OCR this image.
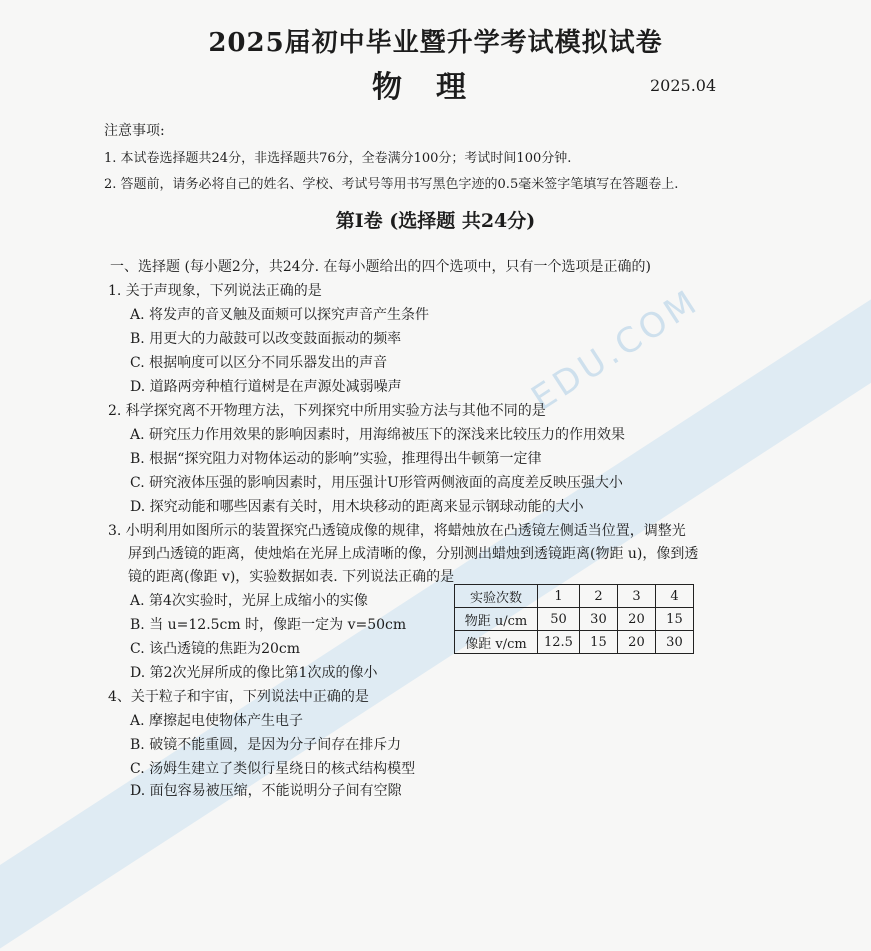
EDU.COM
2025届初中毕业暨升学考试模拟试卷
物理	2025.04
注意事项:
1. 本试卷选择题共24分，非选择题共76分，全卷满分100分；考试时间100分钟.
2. 答题前，请务必将自己的姓名、学校、考试号等用书写黑色字迹的0.5毫米签字笔填写在答题卷上.
第I卷 (选择题 共24分)
一、选择题 (每小题2分，共24分. 在每小题给出的四个选项中，只有一个选项是正确的)
1. 关于声现象，下列说法正确的是
A. 将发声的音叉触及面颊可以探究声音产生条件
B. 用更大的力敲鼓可以改变鼓面振动的频率
C. 根据响度可以区分不同乐器发出的声音
D. 道路两旁种植行道树是在声源处减弱噪声
2. 科学探究离不开物理方法，下列探究中所用实验方法与其他不同的是
A. 研究压力作用效果的影响因素时，用海绵被压下的深浅来比较压力的作用效果
B. 根据“探究阻力对物体运动的影响”实验，推理得出牛顿第一定律
C. 研究液体压强的影响因素时，用压强计U形管两侧液面的高度差反映压强大小
D. 探究动能和哪些因素有关时，用木块移动的距离来显示钢球动能的大小
3. 小明利用如图所示的装置探究凸透镜成像的规律，将蜡烛放在凸透镜左侧适当位置，调整光
屏到凸透镜的距离，使烛焰在光屏上成清晰的像，分别测出蜡烛到透镜距离(物距 u)，像到透
镜的距离(像距 v)，实验数据如表. 下列说法正确的是
A. 第4次实验时，光屏上成缩小的实像
B. 当 u=12.5cm 时，像距一定为 v=50cm
C. 该凸透镜的焦距为20cm
D. 第2次光屏所成的像比第1次成的像小
实验次数	1	2	3	4
物距 u/cm	50	30	20	15
像距 v/cm	12.5	15	20	30
4、关于粒子和宇宙，下列说法中正确的是
A. 摩擦起电使物体产生电子
B. 破镜不能重圆，是因为分子间存在排斥力
C. 汤姆生建立了类似行星绕日的核式结构模型
D. 面包容易被压缩，不能说明分子间有空隙
